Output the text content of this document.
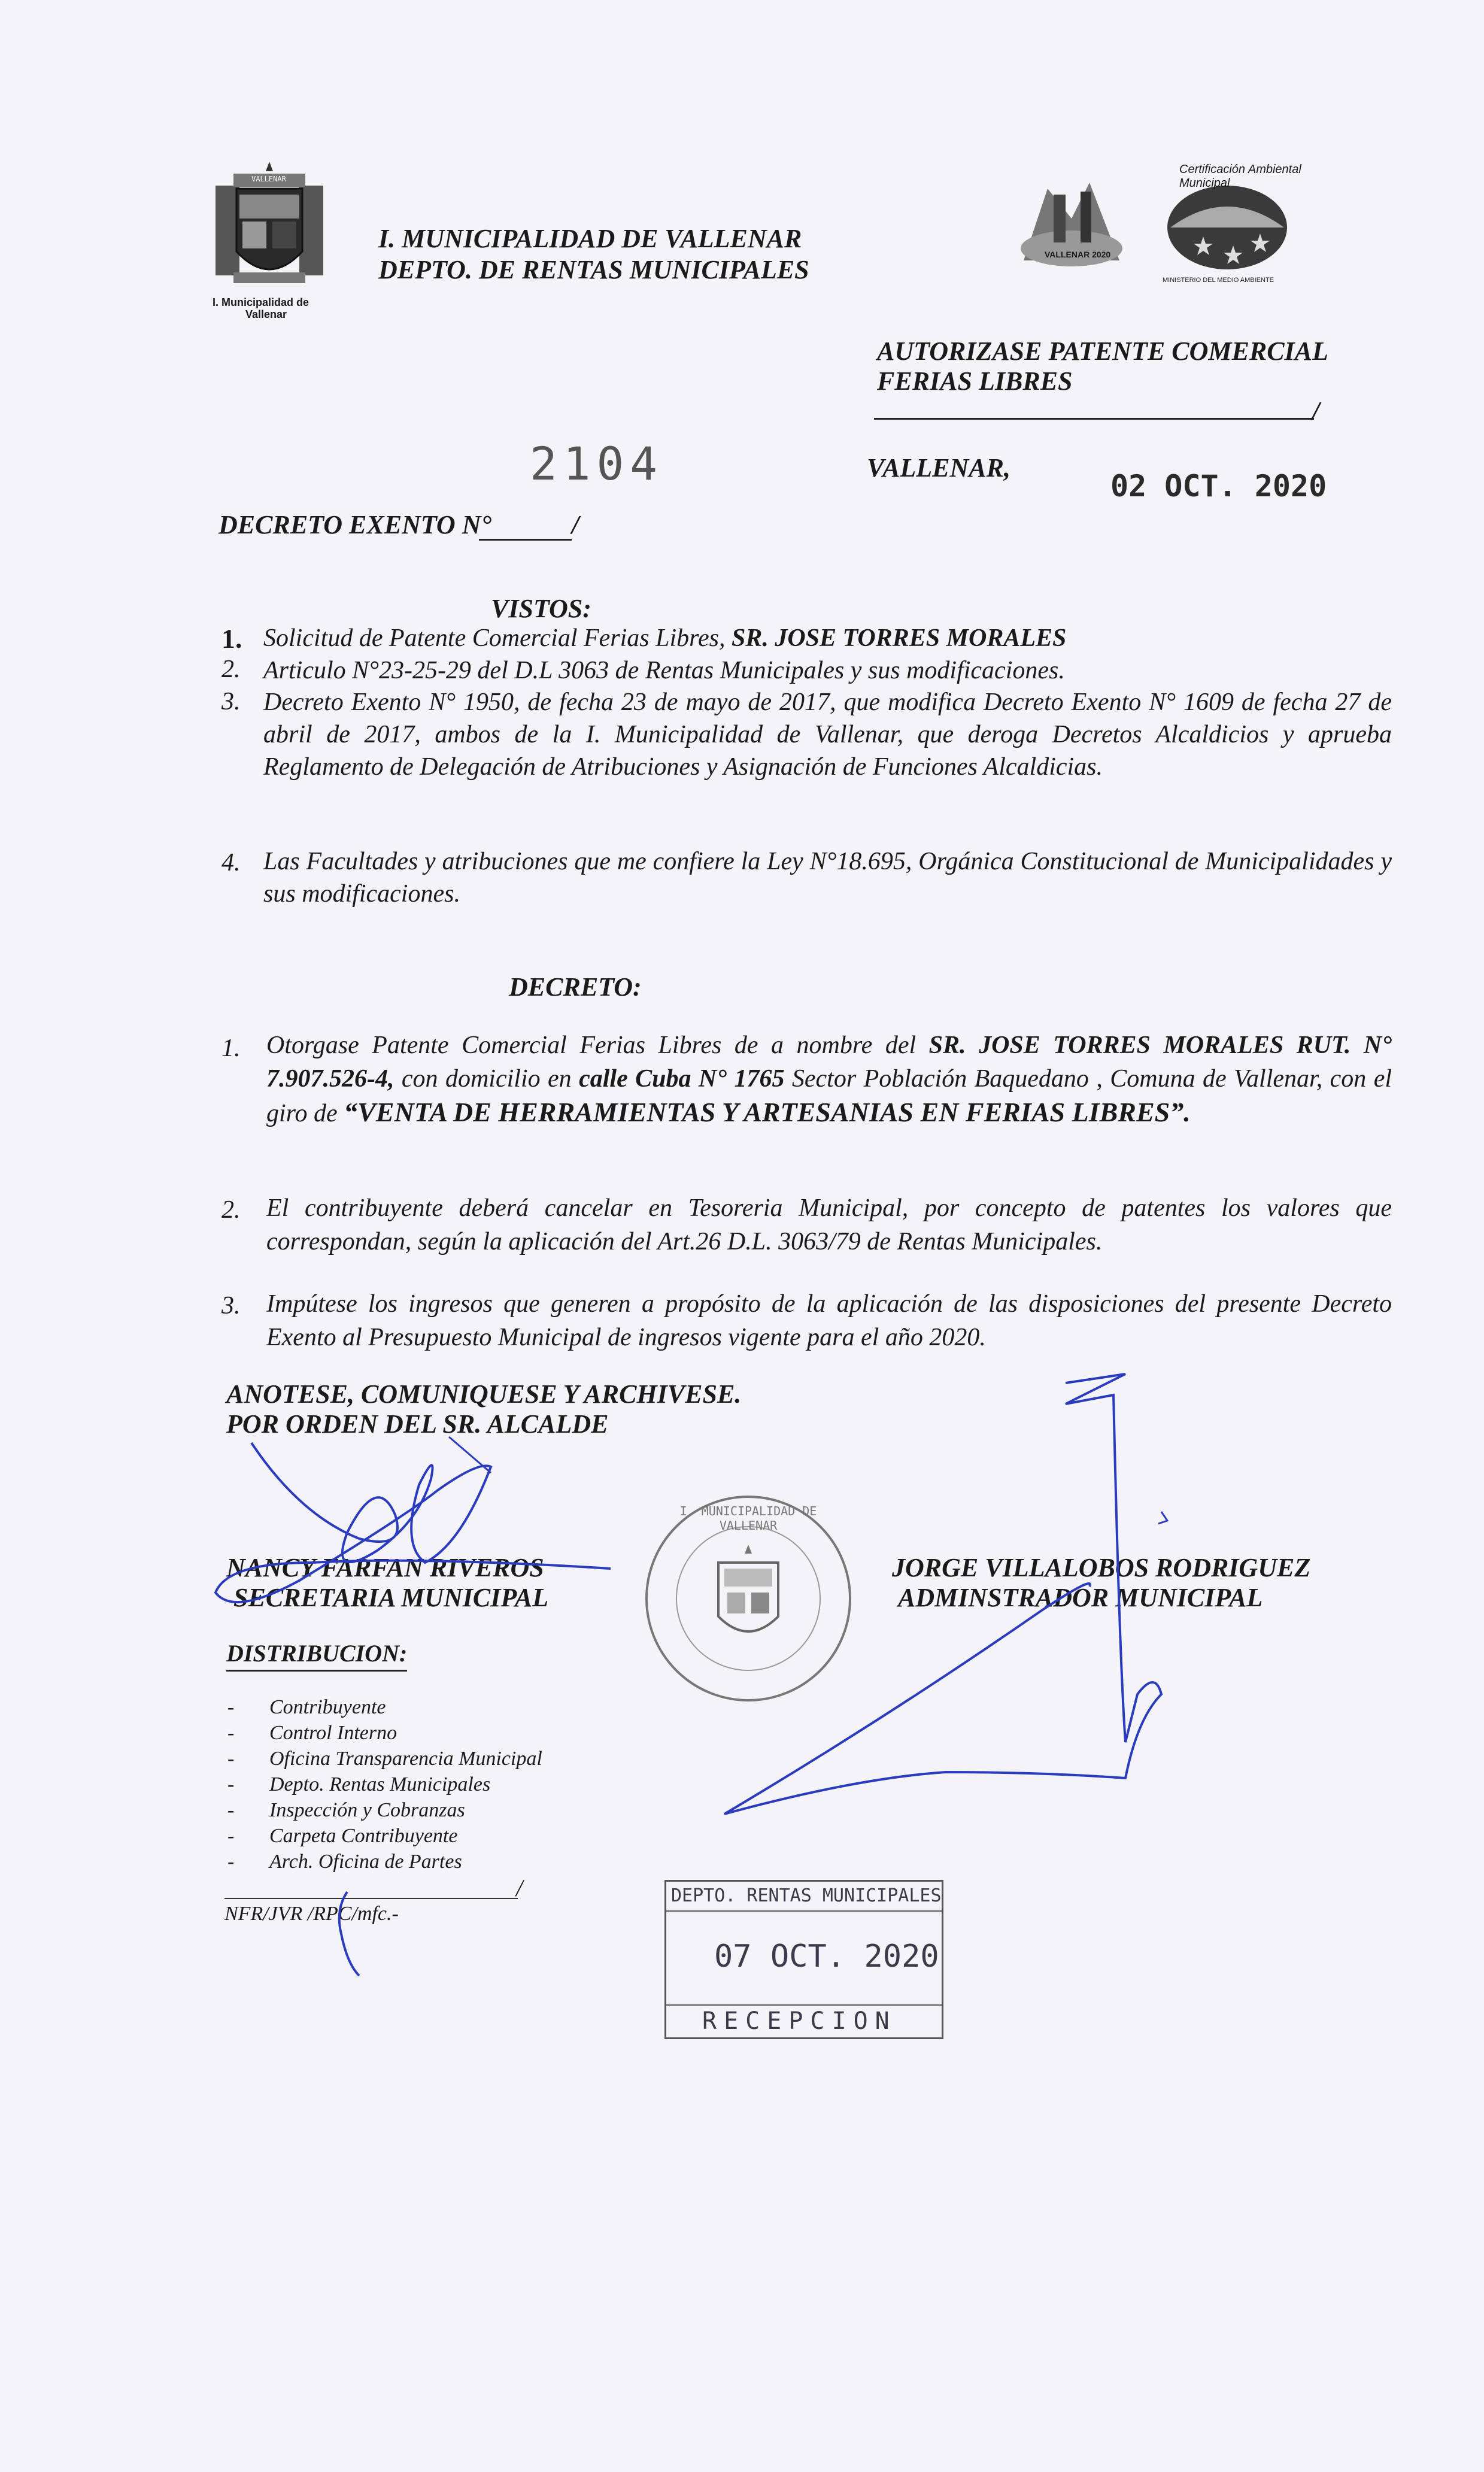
VALLENAR
I. Municipalidad de
Vallenar
I. MUNICIPALIDAD DE VALLENAR
DEPTO. DE RENTAS MUNICIPALES
VALLENAR 2020
Certificación Ambiental Municipal
MINISTERIO DEL MEDIO AMBIENTE
AUTORIZASE PATENTE COMERCIAL
FERIAS LIBRES
/
2104	VALLENAR,
02 OCT. 2020
DECRETO EXENTO N°	/
VISTOS:
1. Solicitud de Patente Comercial Ferias Libres, SR. JOSE TORRES MORALES
2. Articulo N°23-25-29 del D.L 3063 de Rentas Municipales y sus modificaciones.
3. Decreto Exento N° 1950, de fecha 23 de mayo de 2017, que modifica Decreto Exento N° 1609 de fecha 27 de abril de 2017, ambos de la I. Municipalidad de Vallenar, que deroga Decretos Alcaldicios y aprueba Reglamento de Delegación de Atribuciones y Asignación de Funciones Alcaldicias.
4. Las Facultades y atribuciones que me confiere la Ley N°18.695, Orgánica Constitucional de Municipalidades y sus modificaciones.
DECRETO:
1. Otorgase Patente Comercial Ferias Libres de a nombre del SR. JOSE TORRES MORALES RUT. N° 7.907.526-4, con domicilio en calle Cuba N° 1765 Sector Población Baquedano , Comuna de Vallenar, con el giro de “VENTA DE HERRAMIENTAS Y ARTESANIAS EN FERIAS LIBRES”.
2. El contribuyente deberá cancelar en Tesoreria Municipal, por concepto de patentes los valores que correspondan, según la aplicación del Art.26 D.L. 3063/79 de Rentas Municipales.
3. Impútese los ingresos que generen a propósito de la aplicación de las disposiciones del presente Decreto Exento al Presupuesto Municipal de ingresos vigente para el año 2020.
ANOTESE, COMUNIQUESE Y ARCHIVESE.
POR ORDEN DEL SR. ALCALDE
NANCY FARFAN RIVEROS
SECRETARIA MUNICIPAL
JORGE VILLALOBOS RODRIGUEZ
ADMINSTRADOR MUNICIPAL
I. MUNICIPALIDAD DE VALLENAR
DISTRIBUCION:
-	Contribuyente
-	Control Interno
-	Oficina Transparencia Municipal
-	Depto. Rentas Municipales
-	Inspección y Cobranzas
-	Carpeta Contribuyente
-	Arch. Oficina de Partes
/
NFR/JVR /RPC/mfc.-
DEPTO. RENTAS MUNICIPALES
07 OCT. 2020
RECEPCION
